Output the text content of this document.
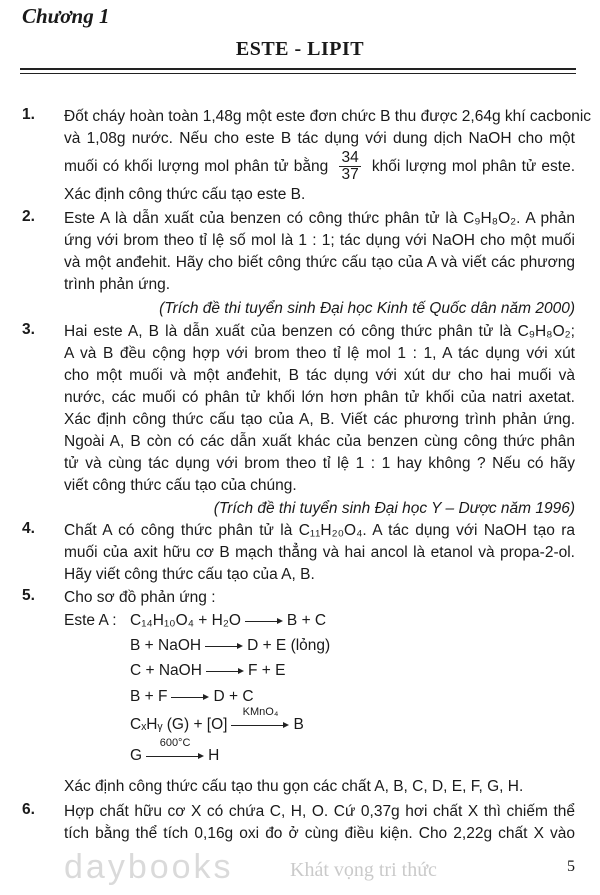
Chương 1
ESTE - LIPIT
1. Đốt cháy hoàn toàn 1,48g một este đơn chức B thu được 2,64g khí cacbonic
và 1,08g nước. Nếu cho este B tác dụng với dung dịch NaOH cho một
muối có khối lượng mol phân tử bằng $\frac{34}{37}$ khối lượng mol phân tử este.
Xác định công thức cấu tạo este B.
2. Este A là dẫn xuất của benzen có công thức phân tử là C₉H₈O₂. A phản
ứng với brom theo tỉ lệ số mol là 1 : 1; tác dụng với NaOH cho một muối
và một anđehit. Hãy cho biết công thức cấu tạo của A và viết các phương
trình phản ứng.
(Trích đề thi tuyển sinh Đại học Kinh tế Quốc dân năm 2000)
3. Hai este A, B là dẫn xuất của benzen có công thức phân tử là C₉H₈O₂;
A và B đều cộng hợp với brom theo tỉ lệ mol 1 : 1, A tác dụng với xút
cho một muối và một anđehit, B tác dụng với xút dư cho hai muối và
nước, các muối có phân tử khối lớn hơn phân tử khối của natri axetat.
Xác định công thức cấu tạo của A, B. Viết các phương trình phản ứng.
Ngoài A, B còn có các dẫn xuất khác của benzen cùng công thức phân
tử và cùng tác dụng với brom theo tỉ lệ 1 : 1 hay không ? Nếu có hãy
viết công thức cấu tạo của chúng.
(Trích đề thi tuyển sinh Đại học Y – Dược năm 1996)
4. Chất A có công thức phân tử là C₁₁H₂₀O₄. A tác dụng với NaOH tạo ra
muối của axit hữu cơ B mạch thẳng và hai ancol là etanol và propa-2-ol.
Hãy viết công thức cấu tạo của A, B.
5. Cho sơ đồ phản ứng :
Este A : C₁₄H₁₀O₄ + H₂O	B + C
B + NaOH	D + E (lỏng)
C + NaOH	F + E
B + F	D + C
CₓHᵧ (G) + [O]
KMnO₄
B
G
600°C
H
Xác định công thức cấu tạo thu gọn các chất A, B, C, D, E, F, G, H.
6. Hợp chất hữu cơ X có chứa C, H, O. Cứ 0,37g hơi chất X thì chiếm thể
tích bằng thể tích 0,16g oxi đo ở cùng điều kiện. Cho 2,22g chất X vào
daybooks	Khát vọng tri thức	5
